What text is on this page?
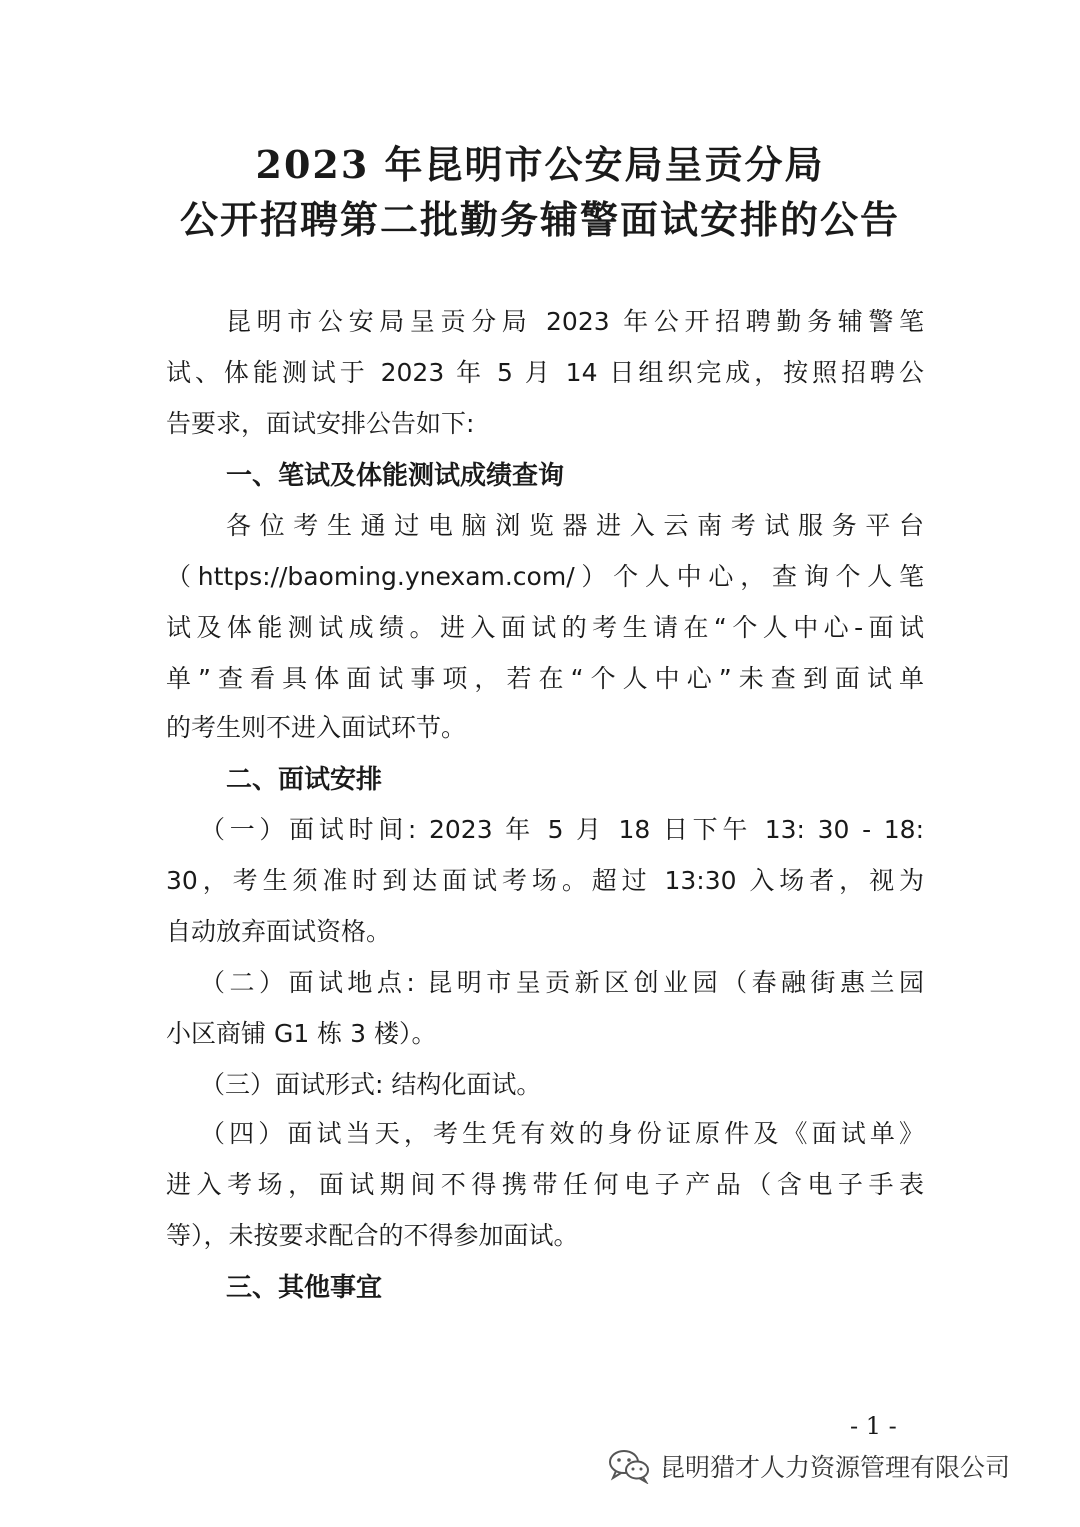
2023 年昆明市公安局呈贡分局
公开招聘第二批勤务辅警面试安排的公告
昆明市公安局呈贡分局 2023 年公开招聘勤务辅警笔
试、体能测试于 2023 年 5 月 14 日组织完成，按照招聘公
告要求，面试安排公告如下:
一、笔试及体能测试成绩查询
各位考生通过电脑浏览器进入云南考试服务平台
（https://baoming.ynexam.com/）个人中心，查询个人笔
试及体能测试成绩。进入面试的考生请在“个人中心-面试
单”查看具体面试事项，若在“个人中心”未查到面试单
的考生则不进入面试环节。
二、面试安排
（一）面试时间: 2023 年 5 月 18 日下午 13: 30 - 18:
30，考生须准时到达面试考场。超过 13:30 入场者，视为
自动放弃面试资格。
（二）面试地点: 昆明市呈贡新区创业园（春融街惠兰园
小区商铺 G1 栋 3 楼）。
（三）面试形式: 结构化面试。
（四）面试当天，考生凭有效的身份证原件及《面试单》
进入考场，面试期间不得携带任何电子产品（含电子手表
等），未按要求配合的不得参加面试。
三、其他事宜
- 1 -
昆明猎才人力资源管理有限公司
